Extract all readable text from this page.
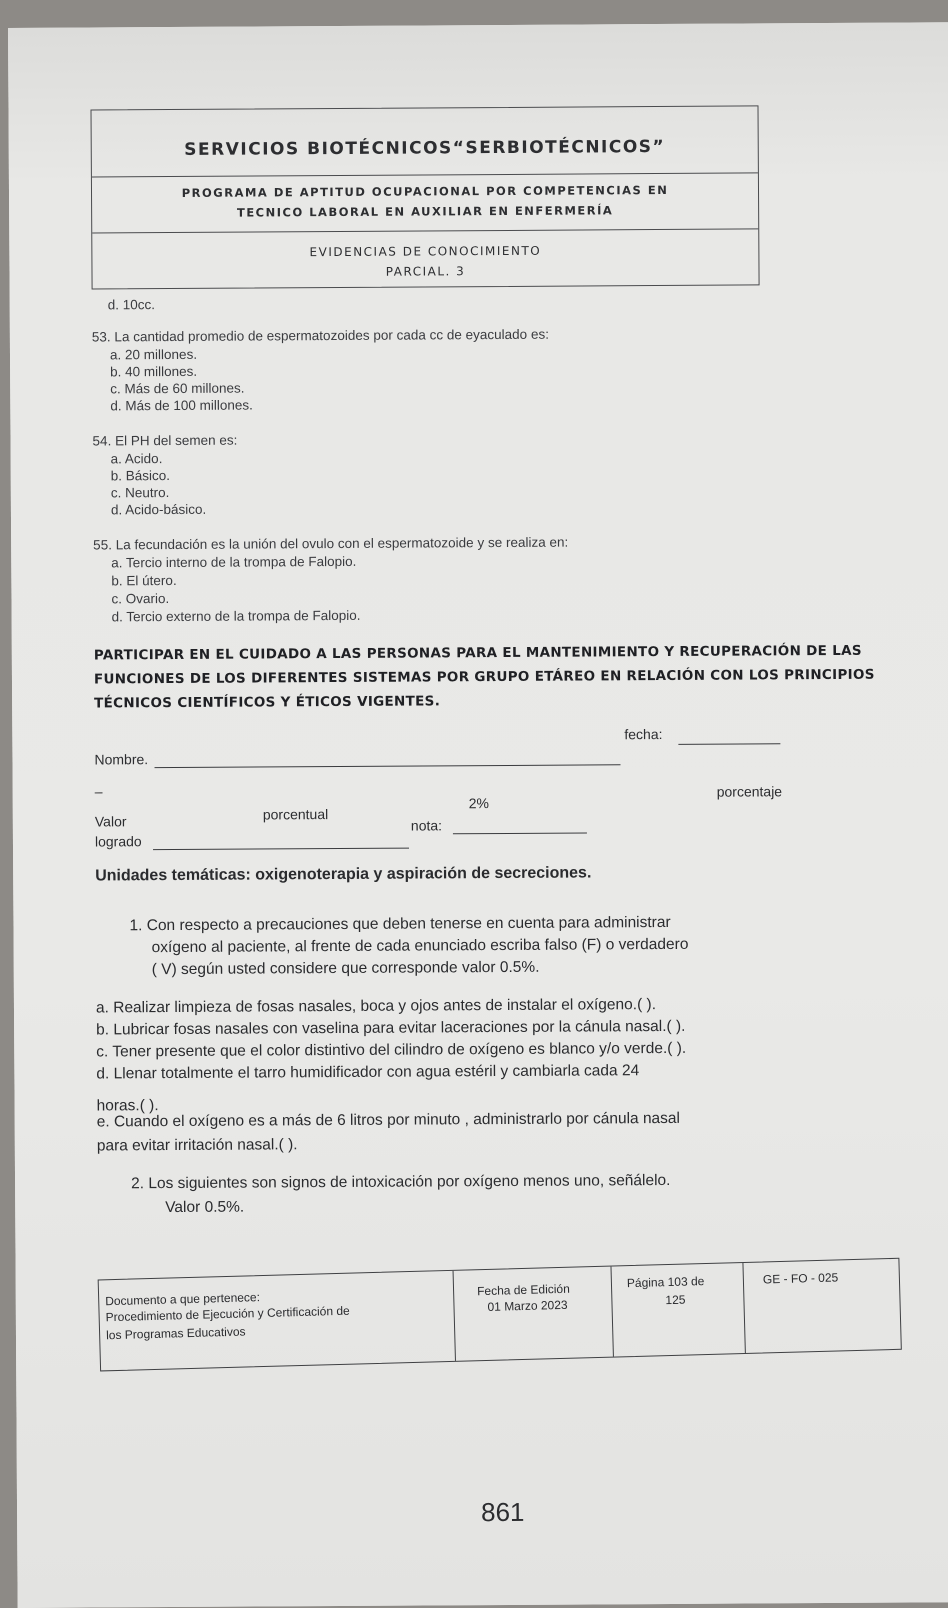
SERVICIOS BIOTÉCNICOS“SERBIOTÉCNICOS”
PROGRAMA DE APTITUD OCUPACIONAL POR COMPETENCIAS EN
TECNICO LABORAL EN AUXILIAR EN ENFERMERÍA
EVIDENCIAS DE CONOCIMIENTO
PARCIAL. 3
d. 10cc.
53. La cantidad promedio de espermatozoides por cada cc de eyaculado es:
a. 20 millones.
b. 40 millones.
c. Más de 60 millones.
d. Más de 100 millones.
54. El PH del semen es:
a. Acido.
b. Básico.
c. Neutro.
d. Acido-básico.
55. La fecundación es la unión del ovulo con el espermatozoide y se realiza en:
a. Tercio interno de la trompa de Falopio.
b. El útero.
c. Ovario.
d. Tercio externo de la trompa de Falopio.
PARTICIPAR EN EL CUIDADO A LAS PERSONAS PARA EL MANTENIMIENTO Y RECUPERACIÓN DE LAS
FUNCIONES DE LOS DIFERENTES SISTEMAS POR GRUPO ETÁREO EN RELACIÓN CON LOS PRINCIPIOS
TÉCNICOS CIENTÍFICOS Y ÉTICOS VIGENTES.
fecha:
Nombre.
–	porcentaje
2%
Valor	porcentual
nota:
logrado
Unidades temáticas: oxigenoterapia y aspiración de secreciones.
1. Con respecto a precauciones que deben tenerse en cuenta para administrar
oxígeno al paciente, al frente de cada enunciado escriba falso (F) o verdadero
( V) según usted considere que corresponde valor 0.5%.
a. Realizar limpieza de fosas nasales, boca y ojos antes de instalar el oxígeno.( ).
b. Lubricar fosas nasales con vaselina para evitar laceraciones por la cánula nasal.( ).
c. Tener presente que el color distintivo del cilindro de oxígeno es blanco y/o verde.( ).
d. Llenar totalmente el tarro humidificador con agua estéril y cambiarla cada 24
horas.( ).
e. Cuando el oxígeno es a más de 6 litros por minuto , administrarlo por cánula nasal
para evitar irritación nasal.( ).
2. Los siguientes son signos de intoxicación por oxígeno menos uno, señálelo.
Valor 0.5%.
Documento a que pertenece:
Procedimiento de Ejecución y Certificación de
los Programas Educativos
Fecha de Edición
01 Marzo 2023
Página 103 de
125
GE - FO - 025
861
